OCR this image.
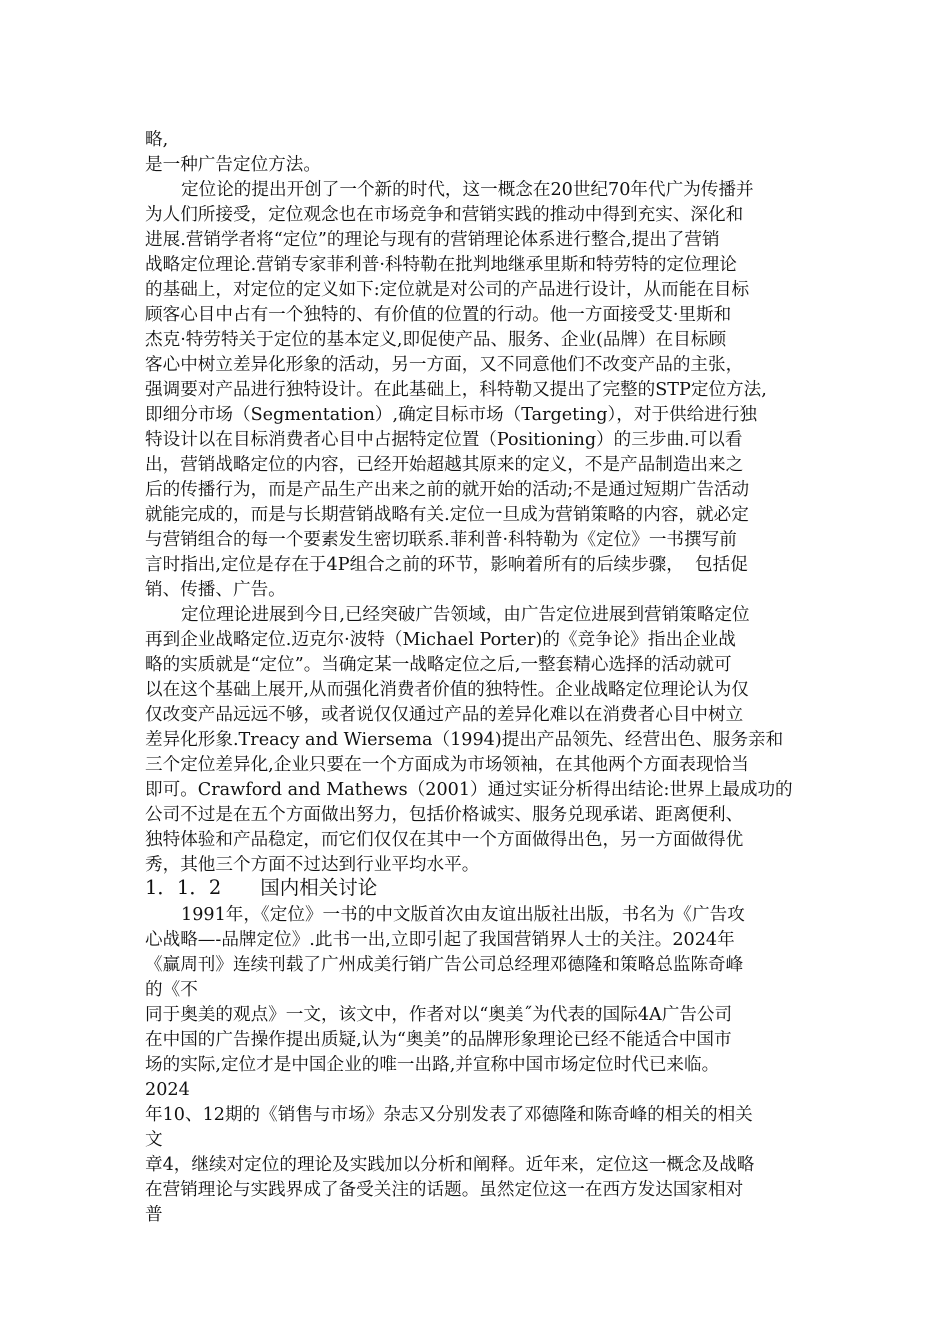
略,

是一种广告定位方法。

定位论的提出开创了一个新的时代，这一概念在20世纪70年代广为传播并

为人们所接受，定位观念也在市场竞争和营销实践的推动中得到充实、深化和

进展.营销学者将“定位”的理论与现有的营销理论体系进行整合,提出了营销

战略定位理论.营销专家菲利普·科特勒在批判地继承里斯和特劳特的定位理论

的基础上，对定位的定义如下:定位就是对公司的产品进行设计，从而能在目标

顾客心目中占有一个独特的、有价值的位置的行动。他一方面接受艾·里斯和

杰克·特劳特关于定位的基本定义,即促使产品、服务、企业(品牌）在目标顾

客心中树立差异化形象的活动，另一方面，又不同意他们不改变产品的主张，

强调要对产品进行独特设计。在此基础上，科特勒又提出了完整的STP定位方法,

即细分市场（Segmentation）,确定目标市场（Targeting），对于供给进行独

特设计以在目标消费者心目中占据特定位置（Positioning）的三步曲.可以看

出，营销战略定位的内容，已经开始超越其原来的定义，不是产品制造出来之

后的传播行为，而是产品生产出来之前的就开始的活动;不是通过短期广告活动

就能完成的，而是与长期营销战略有关.定位一旦成为营销策略的内容，就必定

与营销组合的每一个要素发生密切联系.菲利普·科特勒为《定位》一书撰写前

言时指出,定位是存在于4P组合之前的环节，影响着所有的后续步骤，  包括促

销、传播、广告。

定位理论进展到今日,已经突破广告领域，由广告定位进展到营销策略定位

再到企业战略定位.迈克尔·波特（Michael Porter)的《竞争论》指出企业战

略的实质就是“定位”。当确定某一战略定位之后,一整套精心选择的活动就可

以在这个基础上展开,从而强化消费者价值的独特性。企业战略定位理论认为仅

仅改变产品远远不够，或者说仅仅通过产品的差异化难以在消费者心目中树立

差异化形象.Treacy and Wiersema（1994)提出产品领先、经营出色、服务亲和

三个定位差异化,企业只要在一个方面成为市场领袖，在其他两个方面表现恰当

即可。Crawford and Mathews（2001）通过实证分析得出结论:世界上最成功的

公司不过是在五个方面做出努力，包括价格诚实、服务兑现承诺、距离便利、

独特体验和产品稳定，而它们仅仅在其中一个方面做得出色，另一方面做得优

秀，其他三个方面不过达到行业平均水平。

1．1．2　　国内相关讨论

1991年，《定位》一书的中文版首次由友谊出版社出版，书名为《广告攻

心战略—-品牌定位》.此书一出,立即引起了我国营销界人士的关注。2024年

《赢周刊》连续刊载了广州成美行销广告公司总经理邓德隆和策略总监陈奇峰

的《不

同于奥美的观点》一文，该文中，作者对以“奥美˝为代表的国际4A广告公司

在中国的广告操作提出质疑,认为“奥美”的品牌形象理论已经不能适合中国市

场的实际,定位才是中国企业的唯一出路,并宣称中国市场定位时代已来临。

2024

年10、12期的《销售与市场》杂志又分别发表了邓德隆和陈奇峰的相关的相关

文

章4，继续对定位的理论及实践加以分析和阐释。近年来，定位这一概念及战略

在营销理论与实践界成了备受关注的话题。虽然定位这一在西方发达国家相对

普
